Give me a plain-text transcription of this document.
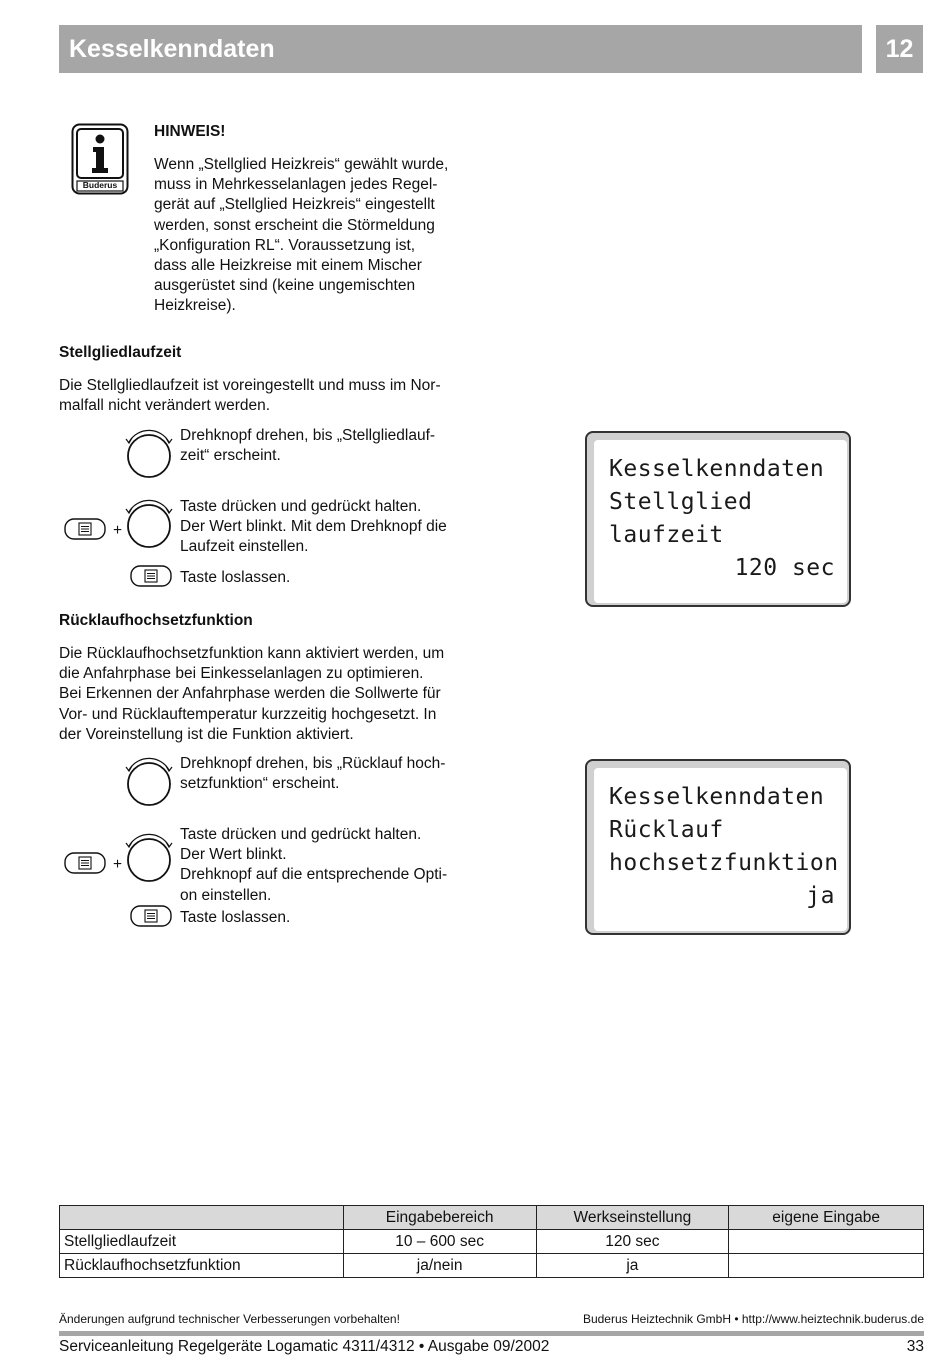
Kesselkenndaten	12
Buderus
HINWEIS!
Wenn „Stellglied Heizkreis“ gewählt wurde,
muss in Mehrkesselanlagen jedes Regel-
gerät auf „Stellglied Heizkreis“ eingestellt
werden, sonst erscheint die Störmeldung
„Konfiguration RL“. Voraussetzung ist,
dass alle Heizkreise mit einem Mischer
ausgerüstet sind (keine ungemischten
Heizkreise).
Stellgliedlaufzeit
Die Stellgliedlaufzeit ist voreingestellt und muss im Nor-
malfall nicht verändert werden.
Drehknopf drehen, bis „Stellgliedlauf-
zeit“ erscheint.
+
Taste drücken und gedrückt halten.
Der Wert blinkt. Mit dem Drehknopf die
Laufzeit einstellen.
Taste loslassen.
Kesselkenndaten
Stellglied
laufzeit
120 sec
Rücklaufhochsetzfunktion
Die Rücklaufhochsetzfunktion kann aktiviert werden, um
die Anfahrphase bei Einkesselanlagen zu optimieren.
Bei Erkennen der Anfahrphase werden die Sollwerte für
Vor- und Rücklauftemperatur kurzzeitig hochgesetzt. In
der Voreinstellung ist die Funktion aktiviert.
Drehknopf drehen, bis „Rücklauf hoch-
setzfunktion“ erscheint.
+
Taste drücken und gedrückt halten.
Der Wert blinkt.
Drehknopf auf die entsprechende Opti-
on einstellen.
Taste loslassen.
Kesselkenndaten
Rücklauf
hochsetzfunktion
ja
	Eingabebereich	Werkseinstellung	eigene Eingabe
Stellgliedlaufzeit	10 – 600 sec	120 sec	
Rücklaufhochsetzfunktion	ja/nein	ja	
Änderungen aufgrund technischer Verbesserungen vorbehalten!	Buderus Heiztechnik GmbH • http://www.heiztechnik.buderus.de
Serviceanleitung Regelgeräte Logamatic 4311/4312 • Ausgabe 09/2002	33
